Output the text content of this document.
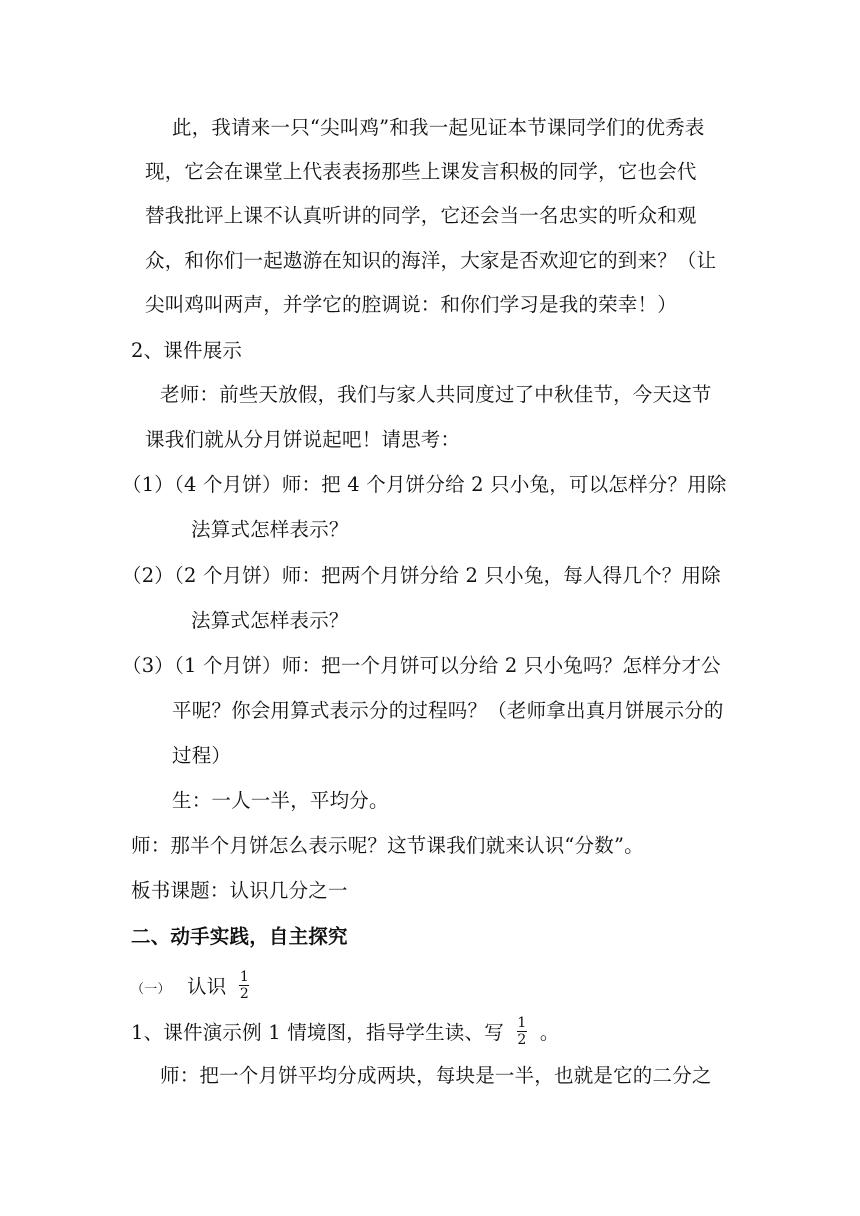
此，我请来一只“尖叫鸡”和我一起见证本节课同学们的优秀表
现，它会在课堂上代表表扬那些上课发言积极的同学，它也会代
替我批评上课不认真听讲的同学，它还会当一名忠实的听众和观
众，和你们一起遨游在知识的海洋，大家是否欢迎它的到来？（让
尖叫鸡叫两声，并学它的腔调说：和你们学习是我的荣幸！）
2、课件展示
老师：前些天放假，我们与家人共同度过了中秋佳节，今天这节
课我们就从分月饼说起吧！请思考：
（1）（4 个月饼）师：把 4 个月饼分给 2 只小兔，可以怎样分？用除
法算式怎样表示？
（2）（2 个月饼）师：把两个月饼分给 2 只小兔，每人得几个？用除
法算式怎样表示？
（3）（1 个月饼）师：把一个月饼可以分给 2 只小兔吗？怎样分才公
平呢？你会用算式表示分的过程吗？（老师拿出真月饼展示分的
过程）
生：一人一半，平均分。
师：那半个月饼怎么表示呢？这节课我们就来认识“分数”。
板书课题：认识几分之一
二、动手实践，自主探究
（一） 认识 $\frac{1}{2}$
1、课件演示例 1 情境图，指导学生读、写 $\frac{1}{2}$ 。
师：把一个月饼平均分成两块，每块是一半，也就是它的二分之
